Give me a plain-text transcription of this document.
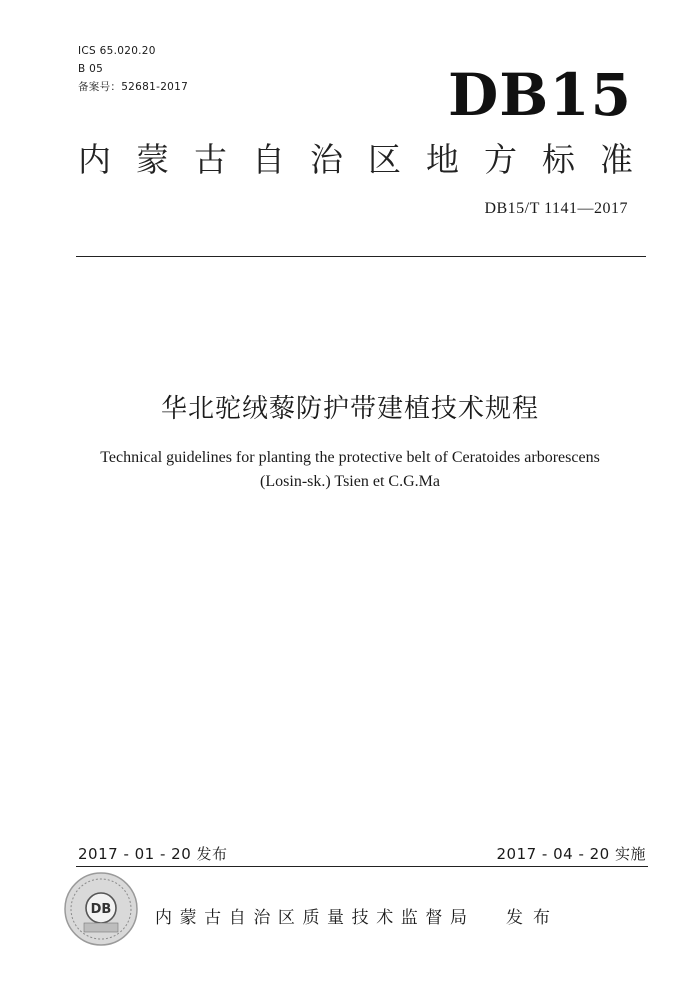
ICS 65.020.20
B 05
备案号：52681-2017	DB15
内 蒙 古 自 治 区 地 方 标 准
DB15/T 1141—2017
华北驼绒藜防护带建植技术规程
Technical guidelines for planting the protective belt of Ceratoides arborescens
(Losin-sk.) Tsien et C.G.Ma
2017 - 01 - 20 发布	2017 - 04 - 20 实施
DB	内 蒙 古 自 治 区 质 量 技 术 监 督 局 发 布
